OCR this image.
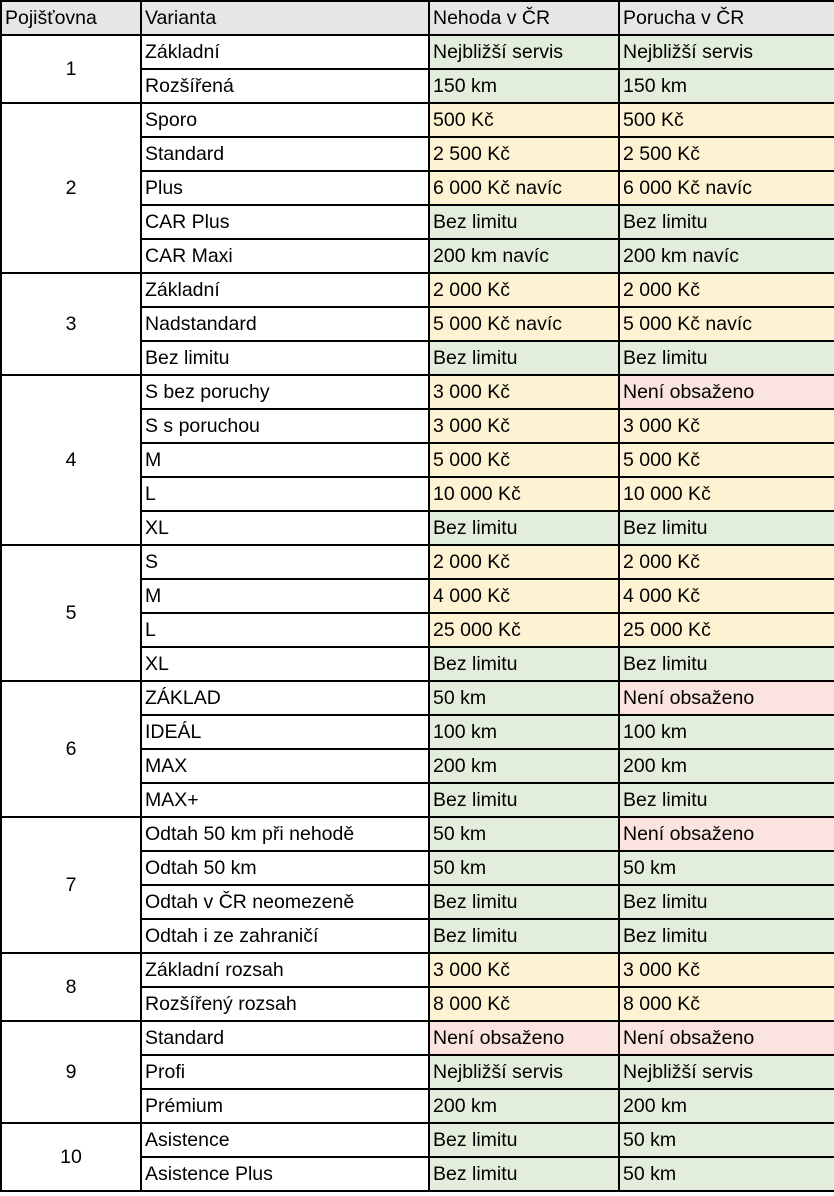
Pojišťovna	Varianta	Nehoda v ČR	Porucha v ČR
1	Základní	Nejbližší servis	Nejbližší servis
	Rozšířená	150 km	150 km
2	Sporo	500 Kč	500 Kč
	Standard	2 500 Kč	2 500 Kč
	Plus	6 000 Kč navíc	6 000 Kč navíc
	CAR Plus	Bez limitu	Bez limitu
	CAR Maxi	200 km navíc	200 km navíc
3	Základní	2 000 Kč	2 000 Kč
	Nadstandard	5 000 Kč navíc	5 000 Kč navíc
	Bez limitu	Bez limitu	Bez limitu
4	S bez poruchy	3 000 Kč	Není obsaženo
	S s poruchou	3 000 Kč	3 000 Kč
	M	5 000 Kč	5 000 Kč
	L	10 000 Kč	10 000 Kč
	XL	Bez limitu	Bez limitu
5	S	2 000 Kč	2 000 Kč
	M	4 000 Kč	4 000 Kč
	L	25 000 Kč	25 000 Kč
	XL	Bez limitu	Bez limitu
6	ZÁKLAD	50 km	Není obsaženo
	IDEÁL	100 km	100 km
	MAX	200 km	200 km
	MAX+	Bez limitu	Bez limitu
7	Odtah 50 km při nehodě	50 km	Není obsaženo
	Odtah 50 km	50 km	50 km
	Odtah v ČR neomezeně	Bez limitu	Bez limitu
	Odtah i ze zahraničí	Bez limitu	Bez limitu
8	Základní rozsah	3 000 Kč	3 000 Kč
	Rozšířený rozsah	8 000 Kč	8 000 Kč
9	Standard	Není obsaženo	Není obsaženo
	Profi	Nejbližší servis	Nejbližší servis
	Prémium	200 km	200 km
10	Asistence	Bez limitu	50 km
	Asistence Plus	Bez limitu	50 km
